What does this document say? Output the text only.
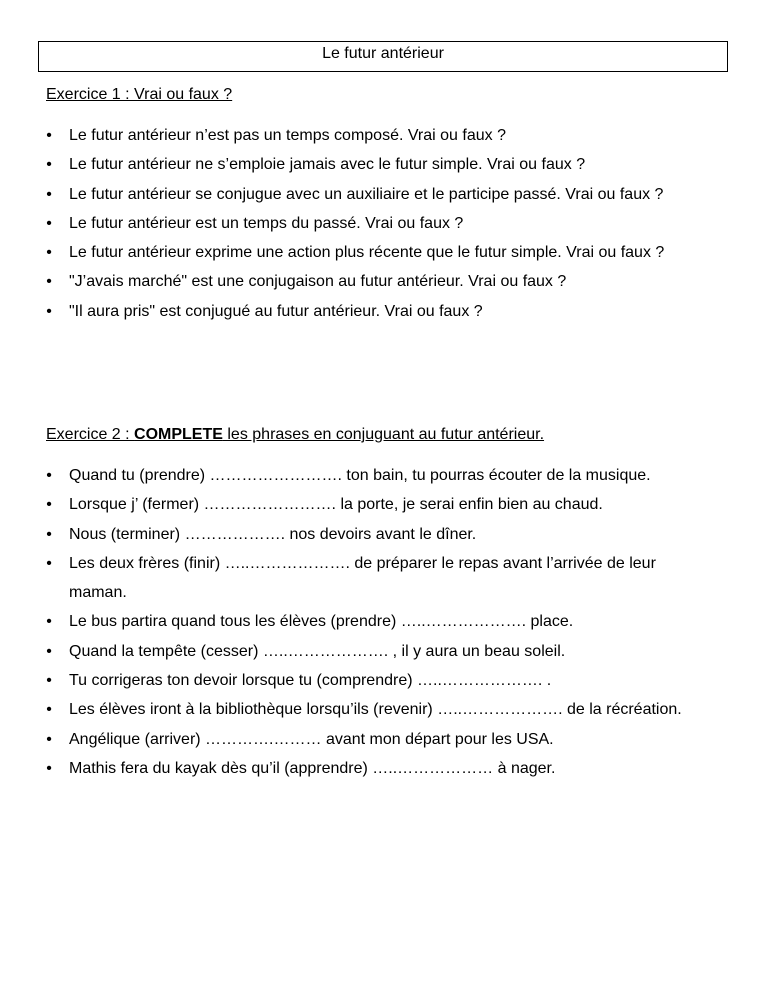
Le futur antérieur
Exercice 1 : Vrai ou faux ?
• Le futur antérieur n’est pas un temps composé. Vrai ou faux ?
• Le futur antérieur ne s’emploie jamais avec le futur simple. Vrai ou faux ?
• Le futur antérieur se conjugue avec un auxiliaire et le participe passé. Vrai ou faux ?
• Le futur antérieur est un temps du passé. Vrai ou faux ?
• Le futur antérieur exprime une action plus récente que le futur simple. Vrai ou faux ?
• "J’avais marché" est une conjugaison au futur antérieur. Vrai ou faux ?
• "Il aura pris" est conjugué au futur antérieur. Vrai ou faux ?
Exercice 2 : COMPLETE les phrases en conjuguant au futur antérieur.
• Quand tu (prendre) ……………………. ton bain, tu pourras écouter de la musique.
• Lorsque j’ (fermer) ……………………. la porte, je serai enfin bien au chaud.
• Nous (terminer) ………………. nos devoirs avant le dîner.
• Les deux frères (finir) …..………………. de préparer le repas avant l’arrivée de leur maman.
• Le bus partira quand tous les élèves (prendre) …..………………. place.
• Quand la tempête (cesser) …..………………. , il y aura un beau soleil.
• Tu corrigeras ton devoir lorsque tu (comprendre) …..………………. .
• Les élèves iront à la bibliothèque lorsqu’ils (revenir) …..………………. de la récréation.
• Angélique (arriver) ………….……… avant mon départ pour les USA.
• Mathis fera du kayak dès qu’il (apprendre) …..……………… à nager.
